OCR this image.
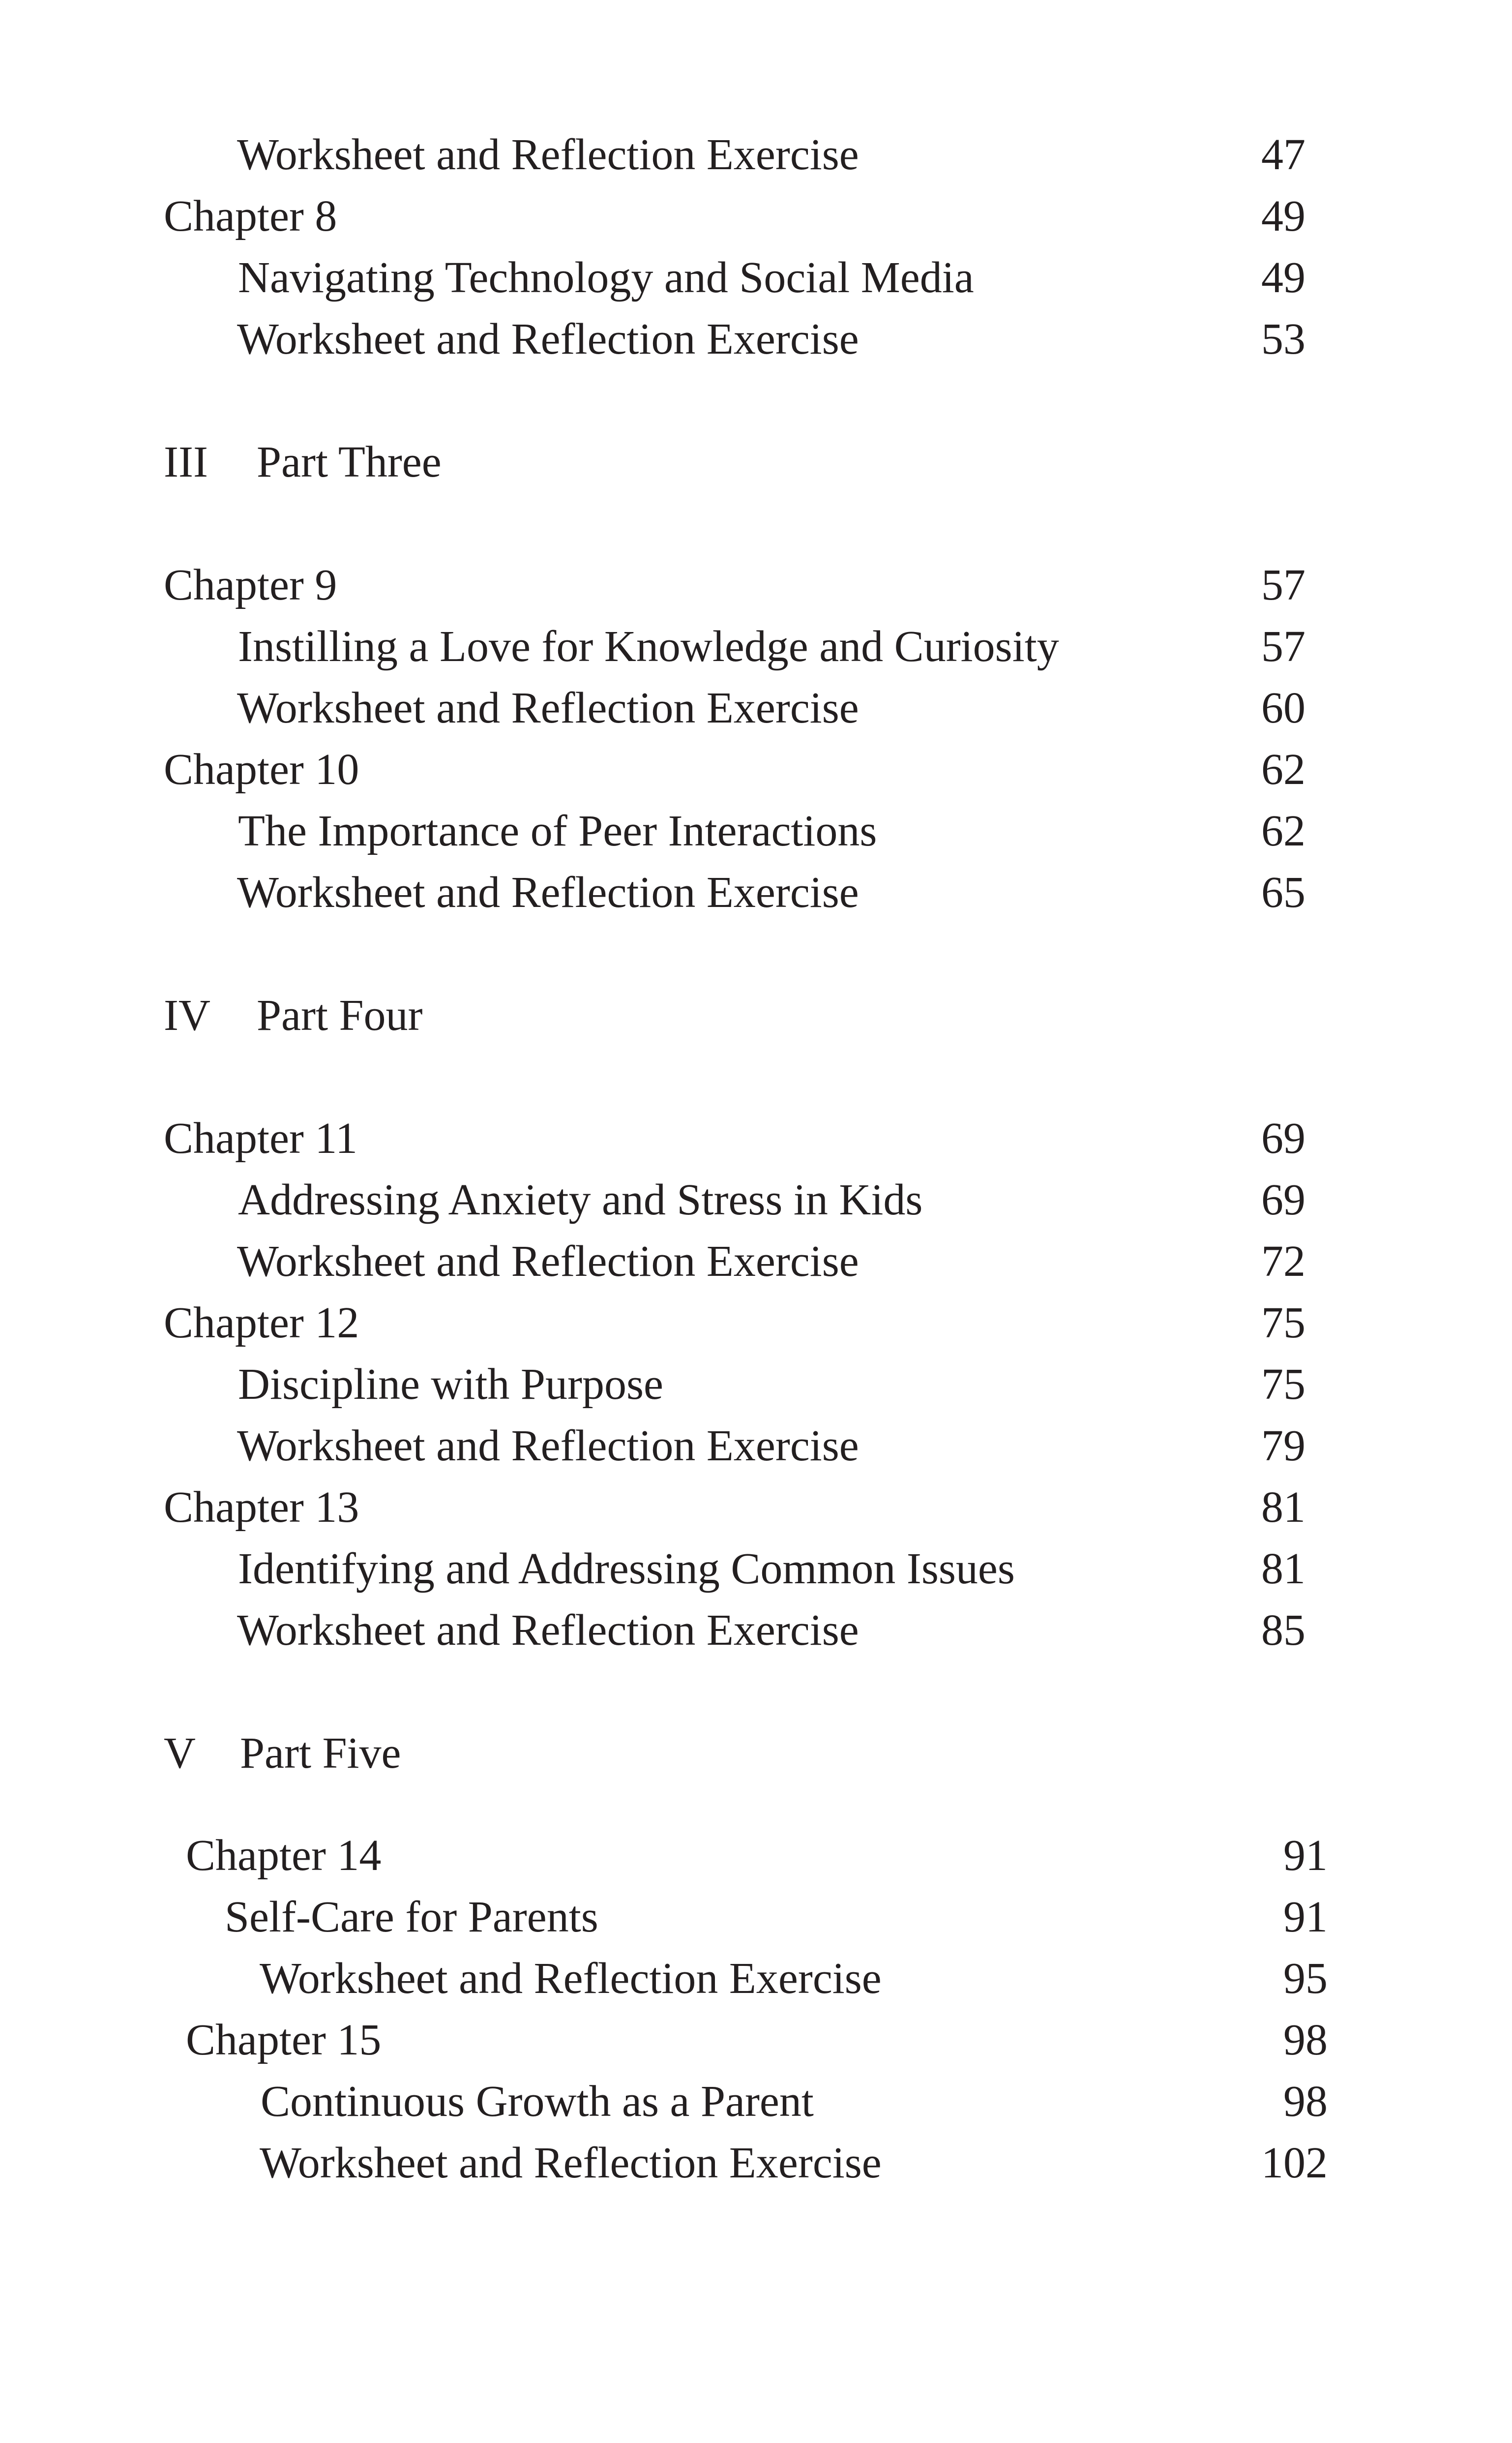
Worksheet and Reflection Exercise	47
Chapter 8	49
Navigating Technology and Social Media	49
Worksheet and Reflection Exercise	53
III Part Three
Chapter 9	57
Instilling a Love for Knowledge and Curiosity	57
Worksheet and Reflection Exercise	60
Chapter 10	62
The Importance of Peer Interactions	62
Worksheet and Reflection Exercise	65
IV Part Four
Chapter 11	69
Addressing Anxiety and Stress in Kids	69
Worksheet and Reflection Exercise	72
Chapter 12	75
Discipline with Purpose	75
Worksheet and Reflection Exercise	79
Chapter 13	81
Identifying and Addressing Common Issues	81
Worksheet and Reflection Exercise	85
V Part Five
Chapter 14	91
Self-Care for Parents	91
Worksheet and Reflection Exercise	95
Chapter 15	98
Continuous Growth as a Parent	98
Worksheet and Reflection Exercise	102
